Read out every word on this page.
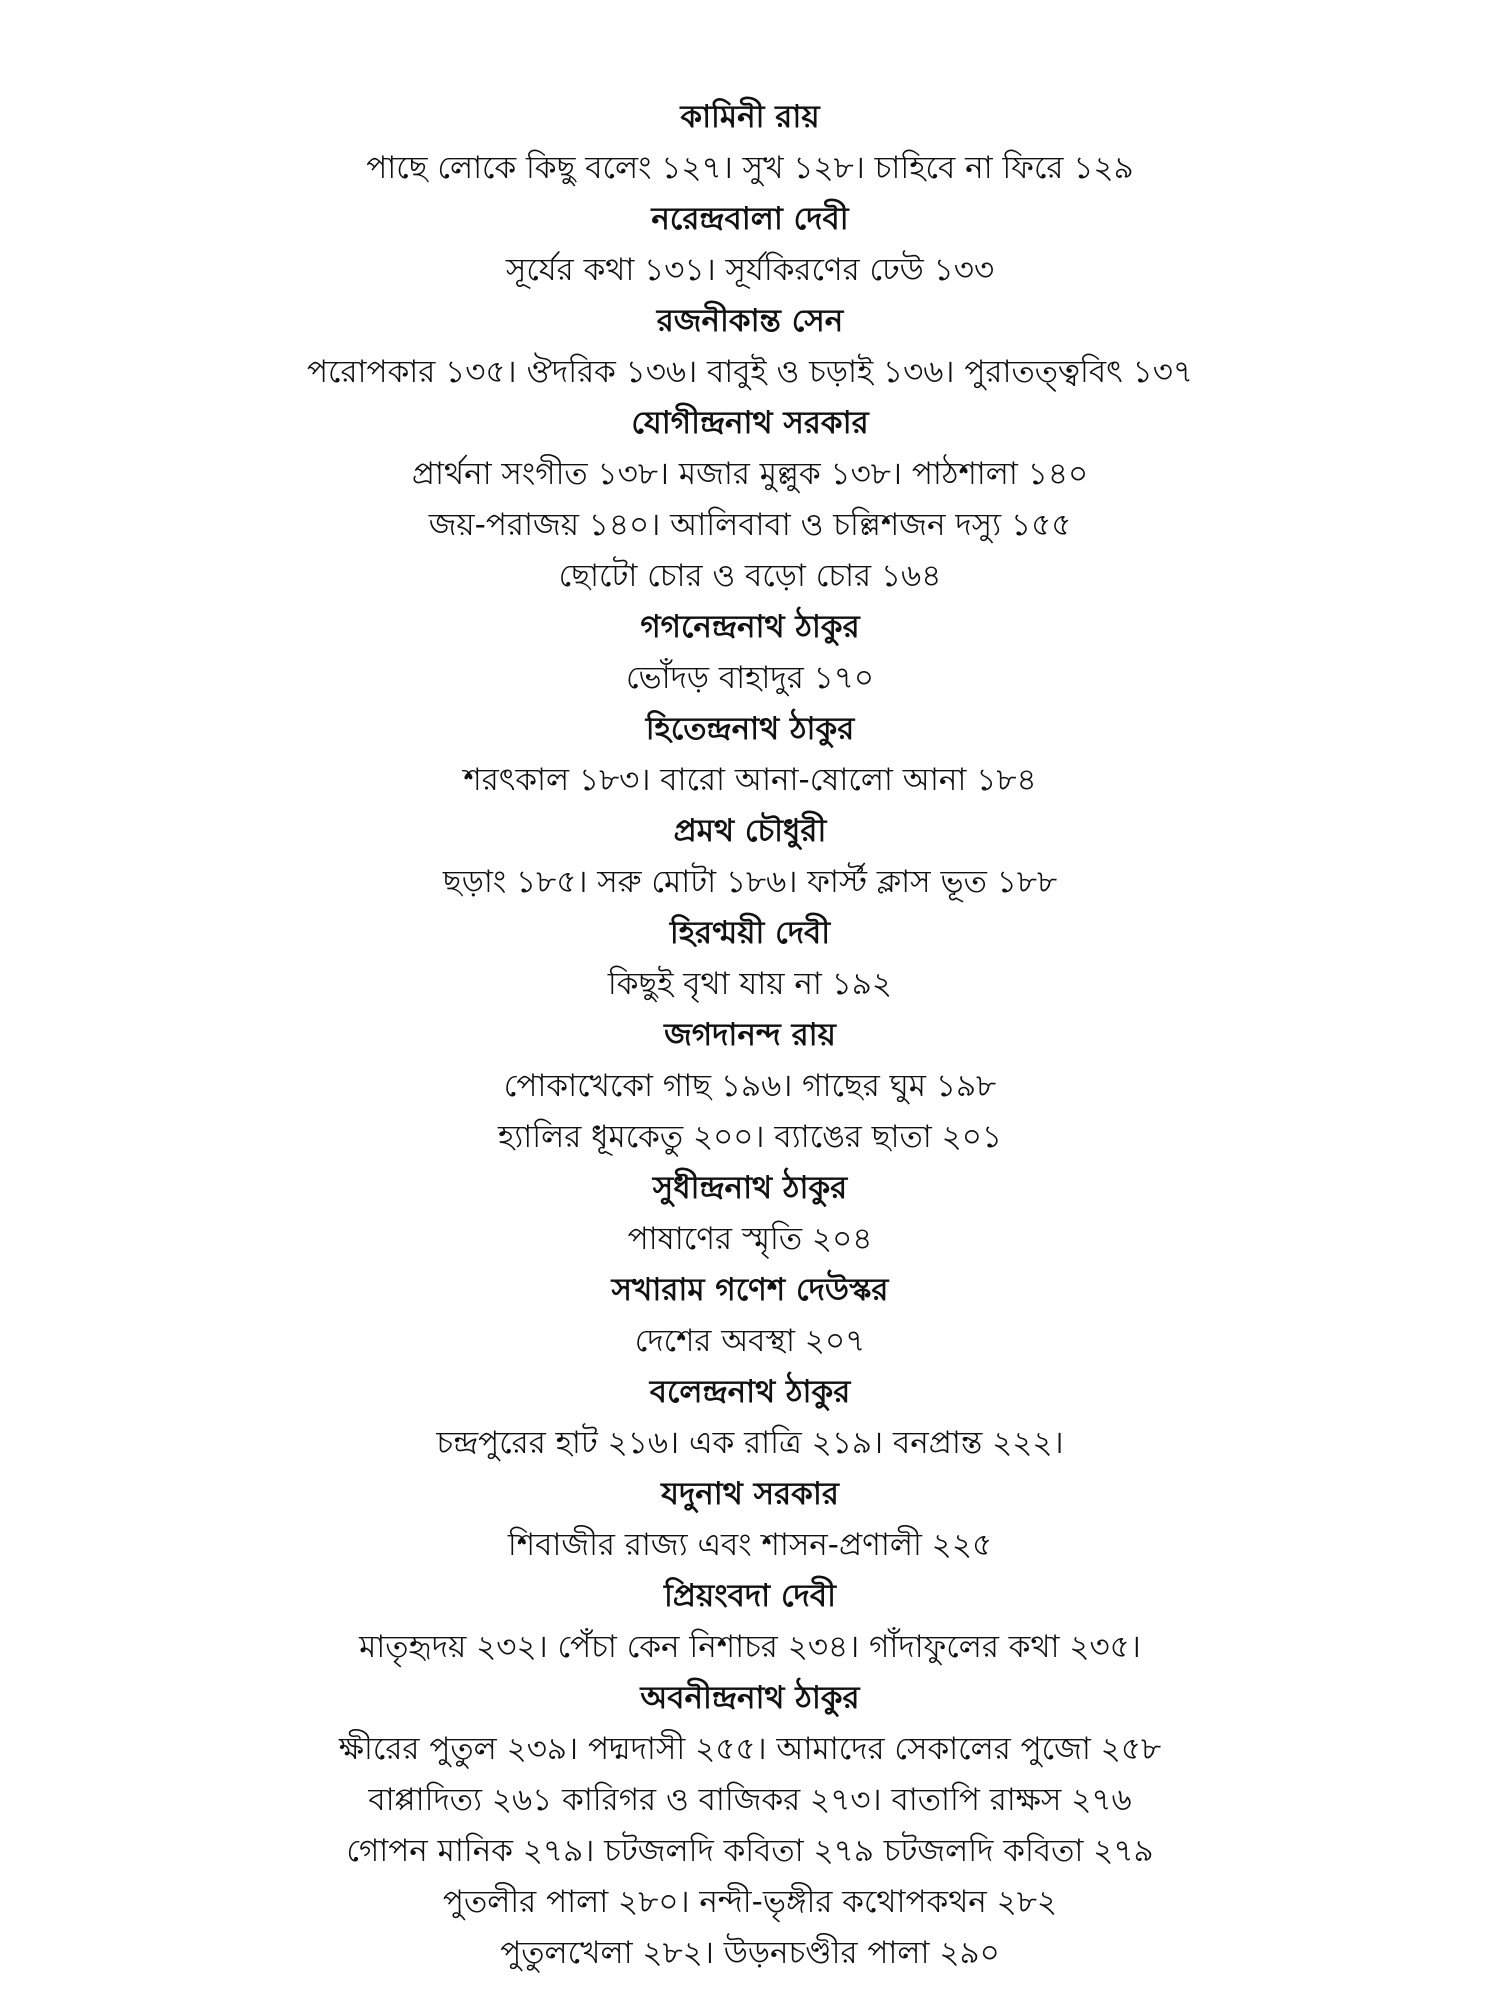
কামিনী রায়
পাছে লোকে কিছু বলেং ১২৭। সুখ ১২৮। চাহিবে না ফিরে ১২৯
নরেন্দ্রবালা দেবী
সূর্যের কথা ১৩১। সূর্যকিরণের ঢেউ ১৩৩
রজনীকান্ত সেন
পরোপকার ১৩৫। ঔদরিক ১৩৬। বাবুই ও চড়াই ১৩৬। পুরাতত্ত্ববিৎ ১৩৭
যোগীন্দ্রনাথ সরকার
প্রার্থনা সংগীত ১৩৮। মজার মুল্লুক ১৩৮। পাঠশালা ১৪০
জয়-পরাজয় ১৪০। আলিবাবা ও চল্লিশজন দস্যু ১৫৫
ছোটো চোর ও বড়ো চোর ১৬৪
গগনেন্দ্রনাথ ঠাকুর
ভোঁদড় বাহাদুর ১৭০
হিতেন্দ্রনাথ ঠাকুর
শরৎকাল ১৮৩। বারো আনা-ষোলো আনা ১৮৪
প্রমথ চৌধুরী
ছড়াং ১৮৫। সরু মোটা ১৮৬। ফার্স্ট ক্লাস ভূত ১৮৮
হিরণ্ময়ী দেবী
কিছুই বৃথা যায় না ১৯২
জগদানন্দ রায়
পোকাখেকো গাছ ১৯৬। গাছের ঘুম ১৯৮
হ্যালির ধূমকেতু ২০০। ব্যাঙের ছাতা ২০১
সুধীন্দ্রনাথ ঠাকুর
পাষাণের স্মৃতি ২০৪
সখারাম গণেশ দেউস্কর
দেশের অবস্থা ২০৭
বলেন্দ্রনাথ ঠাকুর
চন্দ্রপুরের হাট ২১৬। এক রাত্রি ২১৯। বনপ্রান্ত ২২২।
যদুনাথ সরকার
শিবাজীর রাজ্য এবং শাসন-প্রণালী ২২৫
প্রিয়ংবদা দেবী
মাতৃহৃদয় ২৩২। পেঁচা কেন নিশাচর ২৩৪। গাঁদাফুলের কথা ২৩৫।
অবনীন্দ্রনাথ ঠাকুর
ক্ষীরের পুতুল ২৩৯। পদ্মদাসী ২৫৫। আমাদের সেকালের পুজো ২৫৮
বাপ্পাদিত্য ২৬১ কারিগর ও বাজিকর ২৭৩। বাতাপি রাক্ষস ২৭৬
গোপন মানিক ২৭৯। চটজলদি কবিতা ২৭৯ চটজলদি কবিতা ২৭৯
পুতলীর পালা ২৮০। নন্দী-ভৃঙ্গীর কথোপকথন ২৮২
পুতুলখেলা ২৮২। উড়নচণ্ডীর পালা ২৯০
